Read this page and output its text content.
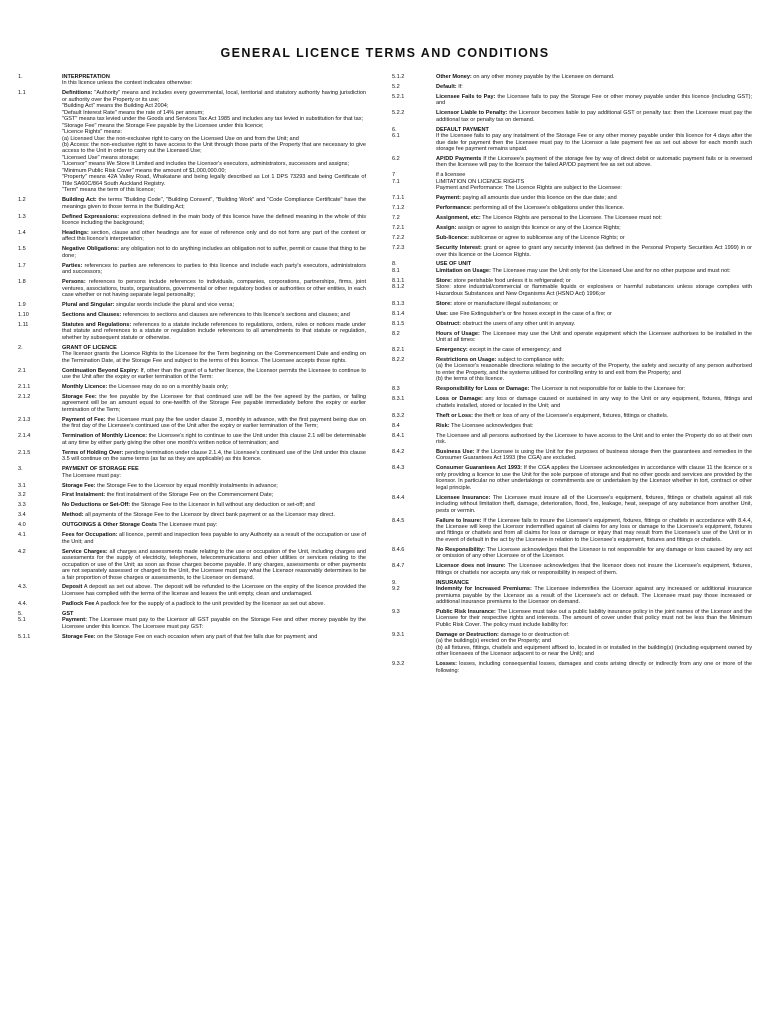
GENERAL LICENCE TERMS AND CONDITIONS
1.	INTERPRETATION
In this licence unless the context indicates otherwise:
1.1	Definitions: "Authority" means and includes every governmental, local, territorial and statutory authority having jurisdiction or authority over the Property or its use;
"Building Act" means the Building Act 2004;
"Default Interest Rate" means the rate of 14% per annum;
"GST" means tax levied under the Goods and Services Tax Act 1985 and includes any tax levied in substitution for that tax;
"Storage Fee" means the Storage Fee payable by the Licensee under this licence;
"Licence Rights" means:
(a) Licensed Use: the non-exclusive right to carry on the Licensed Use on and from the Unit; and
(b) Access: the non-exclusive right to have access to the Unit through those parts of the Property that are necessary to give access to the Unit in order to carry out the Licensed Use;
"Licensed Use" means storage;
"Licensor" means We Store It Limited and includes the Licensor's executors, administrators, successors and assigns;
"Minimum Public Risk Cover" means the amount of $1,000,000.00;
"Property" means 42A Valley Road, Whakatane and being legally described as Lot 1 DPS 73293 and being Certificate of Title SA60C/864 South Auckland Registry.
"Term" means the term of this licence;
1.2	Building Act: the terms "Building Code", "Building Consent", "Building Work" and "Code Compliance Certificate" have the meanings given to those terms in the Building Act;
1.3	Defined Expressions: expressions defined in the main body of this licence have the defined meaning in the whole of this licence including the background;
1.4	Headings: section, clause and other headings are for ease of reference only and do not form any part of the context or affect this licence's interpretation;
1.5	Negative Obligations: any obligation not to do anything includes an obligation not to suffer, permit or cause that thing to be done;
1.7	Parties: references to parties are references to parties to this licence and include each party's executors, administrators and successors;
1.8	Persons: references to persons include references to individuals, companies, corporations, partnerships, firms, joint ventures, associations, trusts, organisations, governmental or other regulatory bodies or authorities or other entities, in each case whether or not having separate legal personality;
1.9	Plural and Singular: singular words include the plural and vice versa;
1.10	Sections and Clauses: references to sections and clauses are references to this licence's sections and clauses; and
1.11	Statutes and Regulations: references to a statute include references to regulations, orders, rules or notices made under that statute and references to a statute or regulation include references to all amendments to that statute or regulation, whether by subsequent statute or otherwise.
2.	GRANT OF LICENCE
The licensor grants the Licence Rights to the Licensee for the Term beginning on the Commencement Date and ending on the Termination Date, at the Storage Fee and subject to the terms of this licence. The Licensee accepts those rights.
2.1	Continuation Beyond Expiry: If, other than the grant of a further licence, the Licensor permits the Licensee to continue to use the Unit after the expiry or earlier termination of the Term:
2.1.1	Monthly Licence: the Licensee may do so on a monthly basis only;
2.1.2	Storage Fee: the fee payable by the Licensee for that continued use will be the fee agreed by the parties, or failing agreement will be an amount equal to one-twelfth of the Storage Fee payable immediately before the expiry or earlier termination of the Term;
2.1.3	Payment of Fee: the Licensee must pay the fee under clause 3, monthly in advance, with the first payment being due on the first day of the Licensee's continued use of the Unit after the expiry or earlier termination of the Term;
2.1.4	Termination of Monthly Licence: the Licensee's right to continue to use the Unit under this clause 2.1 will be determinable at any time by either party giving the other one month's written notice of termination; and
2.1.5	Terms of Holding Over: pending termination under clause 2.1.4, the Licensee's continued use of the Unit under this clause 3.5 will continue on the same terms (as far as they are applicable) as this licence.
3.	PAYMENT OF STORAGE FEE
The Licensee must pay:
3.1	Storage Fee: the Storage Fee to the Licensor by equal monthly instalments in advance;
3.2	First Instalment: the first instalment of the Storage Fee on the Commencement Date;
3.3	No Deductions or Set-Off: the Storage Fee to the Licensor in full without any deduction or set-off; and
3.4	Method: all payments of the Storage Fee to the Licensor by direct bank payment or as the Licensor may direct.
4.0	OUTGOINGS & Other Storage Costs The Licensee must pay:
4.1	Fees for Occupation: all licence, permit and inspection fees payable to any Authority as a result of the occupation or use of the Unit; and
4.2	Service Charges: all charges and assessments made relating to the use or occupation of the Unit, including charges and assessments for the supply of electricity, telephones, telecommunications and other utilities or services relating to the occupation or use of the Unit; as soon as those charges become payable. If any charges, assessments or other payments are not separately assessed or charged to the Unit, the Licensee must pay what the Licensor reasonably determines to be a fair proportion of those charges or assessments, to the Licensor on demand.
4.3.	Deposit A deposit as set out above. The deposit will be refunded to the Licensee on the expiry of the licence provided the Licensee has complied with the terms of the license and leaves the unit empty, clean and undamaged.
4.4.	Padlock Fee A padlock fee for the supply of a padlock to the unit provided by the licensor as set out above.
5.
5.1
GST
Payment: The Licensee must pay to the Licensor all GST payable on the Storage Fee and other money payable by the Licensee under this licence. The Licensee must pay GST:
5.1.1	Storage Fee: on the Storage Fee on each occasion when any part of that fee falls due for payment; and
5.1.2	Other Money: on any other money payable by the Licensee on demand.
5.2	Default: If:
5.2.1	Licensee Fails to Pay: the Licensee fails to pay the Storage Fee or other money payable under this licence (including GST); and
5.2.2	Licensor Liable to Penalty: the Licensor becomes liable to pay additional GST or penalty tax: then the Licensee must pay the additional tax or penalty tax on demand.
6.
6.1
DEFAULT PAYMENT
If the Licensee fails to pay any instalment of the Storage Fee or any other money payable under this licence for 4 days after the due date for payment then the Licensee must pay to the Licensor a late payment fee as set out above for each month such storage fee payment remains unpaid.
6.2	AP/DD Payments If the Licensee's payment of the storage fee by way of direct debit or automatic payment fails or is reversed then the licensee will pay to the licensor the failed AP/DD payment fee as set out above.
7
7.1
if a licensee
LIMITATION ON LICENCE RIGHTS
Payment and Performance: The Licence Rights are subject to the Licensee:
7.1.1	Payment: paying all amounts due under this licence on the due date; and
7.1.2	Performance: performing all of the Licensee's obligations under this licence.
7.2	Assignment, etc: The Licence Rights are personal to the Licensee. The Licensee must not:
7.2.1	Assign: assign or agree to assign this licence or any of the Licence Rights;
7.2.2	Sub-licence: sublicense or agree to sublicense any of the Licence Rights; or
7.2.3	Security Interest: grant or agree to grant any security interest (as defined in the Personal Property Securities Act 1999) in or over this licence or the Licence Rights.
8.
8.1
USE OF UNIT
Limitation on Usage: The Licensee may use the Unit only for the Licensed Use and for no other purpose and must not:
8.1.1
8.1.2
Store: store perishable food unless it is refrigerated; or
Store: store industrial/commercial or flammable liquids or explosives or harmful substances unless storage complies with Hazardous Substances and New Organisms Act (HSNO Act) 1996;or
8.1.3	Store: store or manufacture illegal substances; or
8.1.4	Use: use Fire Extinguisher's or fire hoses except in the case of a fire; or
8.1.5	Obstruct: obstruct the users of any other unit in anyway.
8.2	Hours of Usage: The Licensee may use the Unit and operate equipment which the Licensee authorises to be installed in the Unit at all times:
8.2.1	Emergency: except in the case of emergency; and
8.2.2	Restrictions on Usage: subject to compliance with:
(a) the Licensor's reasonable directions relating to the security of the Property, the safety and security of any person authorised to enter the Property, and the systems utilised for controlling entry to and exit from the Property; and
(b) the terms of this licence.
8.3	Responsibility for Loss or Damage: The Licensor is not responsible for or liable to the Licensee for:
8.3.1	Loss or Damage: any loss or damage caused or sustained in any way to the Unit or any equipment, fixtures, fittings and chattels installed, stored or located in the Unit; and
8.3.2	Theft or Loss: the theft or loss of any of the Licensee's equipment, fixtures, fittings or chattels.
8.4	Risk: The Licensee acknowledges that:
8.4.1	The Licensee and all persons authorised by the Licensee to have access to the Unit and to enter the Property do so at their own risk.
8.4.2	Business Use: If the Licensee is using the Unit for the purposes of business storage then the guarantees and remedies in the Consumer Guarantees Act 1993 (the CGA) are excluded.
8.4.3	Consumer Guarantees Act 1993: If the CGA applies the Licensee acknowledges in accordance with clause 11 the licence or s only providing a licence to use the Unit for the sole purpose of storage and that no other goods and services are provided by the licensor. In particular no other undertakings or commitments are or undertaken by the Licensor whether in tort, contract or other legal principle.
8.4.4	Licensee Insurance: The Licensee must insure all of the Licensee's equipment, fixtures, fittings or chattels against all risk including without limitation theft, damage, deterioration, flood, fire, leakage, heat, seepage of any substance from another Unit, pests or vermin.
8.4.5	Failure to Insure: If the Licensee fails to insure the Licensee's equipment, fixtures, fittings or chattels in accordance with 8.4.4, the Licensee will keep the Licensor indemnified against all claims for any loss or damage to the Licensee's equipment, fixtures and fittings or chattels and from all claims for loss or damage or injury that may result from the Licensee's use of the Unit or in the event of default in the act by the Licensee in relation to the Licensee's equipment, fixtures and fittings or chattels.
8.4.6	No Responsibility: The Licensee acknowledges that the Licensor is not responsible for any damage or loss caused by any act or omission of any other Licensee or of the Licensor.
8.4.7	Licensor does not insure: The Licensee acknowledges that the licensor does not insure the Licensee's equipment, fixtures, fittings or chattels nor accepts any risk or responsibility in respect of them.
9.
9.2
INSURANCE
Indemnity for Increased Premiums: The Licensee indemnifies the Licensor against any increased or additional insurance premiums payable by the Licensor as a result of the Licensee's act or default. The Licensee must pay those increased or additional insurance premiums to the Licensor on demand.
9.3	Public Risk Insurance: The Licensee must take out a public liability insurance policy in the joint names of the Licensor and the Licensee for their respective rights and interests. The amount of cover under that policy must not be less than the Minimum Public Risk Cover. The policy must include liability for:
9.3.1	Damage or Destruction: damage to or destruction of:
(a) the building(s) erected on the Property; and
(b) all fixtures, fittings, chattels and equipment affixed to, located in or installed in the building(s) (including equipment owned by other licensees of the Licensor adjacent to or near the Unit); and
9.3.2	Losses: losses, including consequential losses, damages and costs arising directly or indirectly from any one or more of the following:
